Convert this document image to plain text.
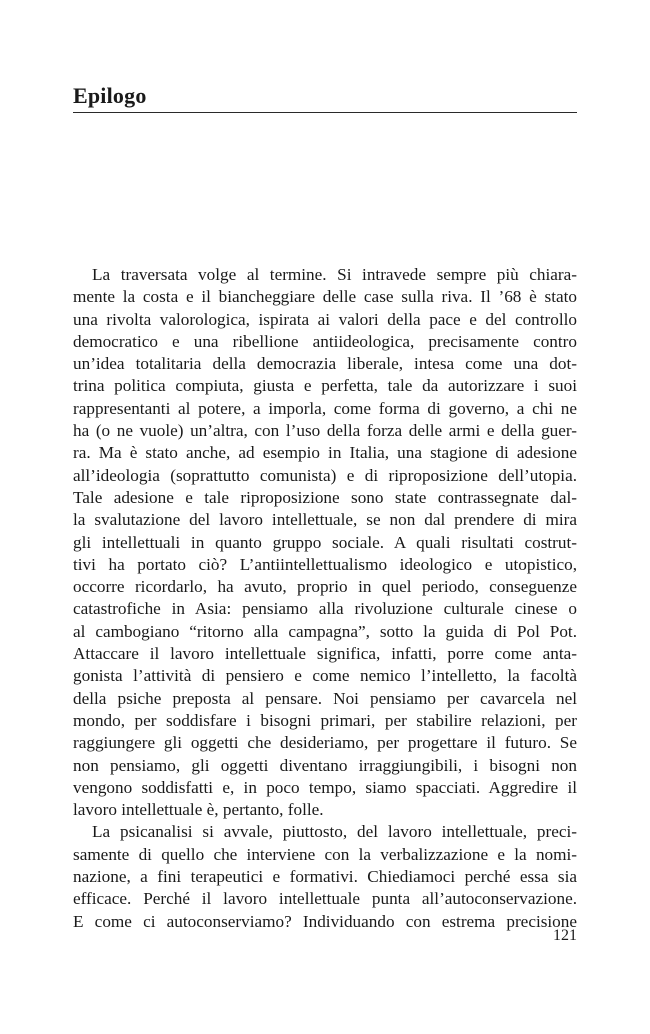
Epilogo
La traversata volge al termine. Si intravede sempre più chiara-
mente la costa e il biancheggiare delle case sulla riva. Il ’68 è stato
una rivolta valorologica, ispirata ai valori della pace e del controllo
democratico e una ribellione antiideologica, precisamente contro
un’idea totalitaria della democrazia liberale, intesa come una dot-
trina politica compiuta, giusta e perfetta, tale da autorizzare i suoi
rappresentanti al potere, a imporla, come forma di governo, a chi ne
ha (o ne vuole) un’altra, con l’uso della forza delle armi e della guer-
ra. Ma è stato anche, ad esempio in Italia, una stagione di adesione
all’ideologia (soprattutto comunista) e di riproposizione dell’utopia.
Tale adesione e tale riproposizione sono state contrassegnate dal-
la svalutazione del lavoro intellettuale, se non dal prendere di mira
gli intellettuali in quanto gruppo sociale. A quali risultati costrut-
tivi ha portato ciò? L’antiintellettualismo ideologico e utopistico,
occorre ricordarlo, ha avuto, proprio in quel periodo, conseguenze
catastrofiche in Asia: pensiamo alla rivoluzione culturale cinese o
al cambogiano “ritorno alla campagna”, sotto la guida di Pol Pot.
Attaccare il lavoro intellettuale significa, infatti, porre come anta-
gonista l’attività di pensiero e come nemico l’intelletto, la facoltà
della psiche preposta al pensare. Noi pensiamo per cavarcela nel
mondo, per soddisfare i bisogni primari, per stabilire relazioni, per
raggiungere gli oggetti che desideriamo, per progettare il futuro. Se
non pensiamo, gli oggetti diventano irraggiungibili, i bisogni non
vengono soddisfatti e, in poco tempo, siamo spacciati. Aggredire il
lavoro intellettuale è, pertanto, folle.
La psicanalisi si avvale, piuttosto, del lavoro intellettuale, preci-
samente di quello che interviene con la verbalizzazione e la nomi-
nazione, a fini terapeutici e formativi. Chiediamoci perché essa sia
efficace. Perché il lavoro intellettuale punta all’autoconservazione.
E come ci autoconserviamo? Individuando con estrema precisione
121
